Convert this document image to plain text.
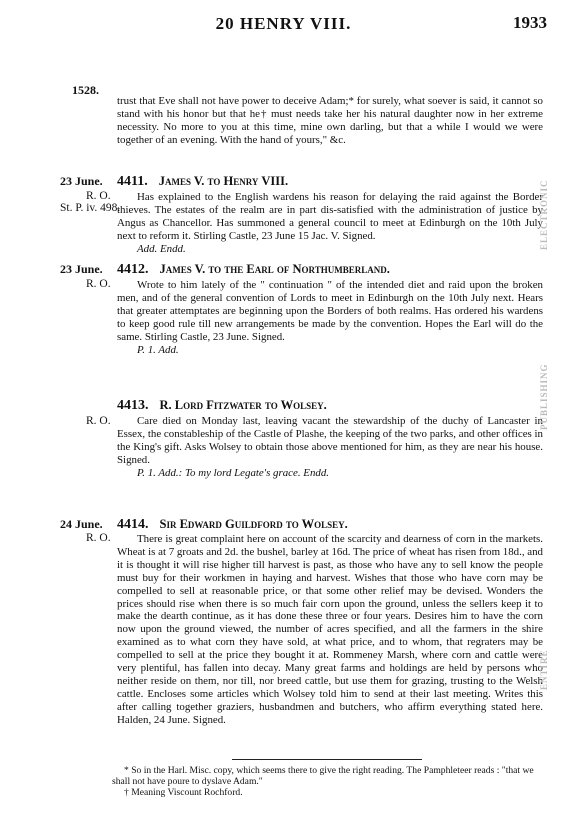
20 HENRY VIII.	1933
1528.

trust that Eve shall not have power to deceive Adam;* for surely, what soever is said, it cannot so stand with his honor but that he† must needs take her his natural daughter now in her extreme necessity. No more to you at this time, mine own darling, but that a while I would we were together of an evening. With the hand of yours," &c.

23 June.
R. O.
St. P. iv. 498.
4411. James V. to Henry VIII.

Has explained to the English wardens his reason for delaying the raid against the Border thieves. The estates of the realm are in part dis-satisfied with the administration of justice by Angus as Chancellor. Has summoned a general council to meet at Edinburgh on the 10th July next to reform it. Stirling Castle, 23 June 15 Jac. V. Signed.

Add. Endd.

23 June.
R. O.
4412. James V. to the Earl of Northumberland.

Wrote to him lately of the " continuation " of the intended diet and raid upon the broken men, and of the general convention of Lords to meet in Edinburgh on the 10th July next. Hears that greater attemptates are beginning upon the Borders of both realms. Has ordered his wardens to keep good rule till new arrangements be made by the convention. Hopes the Earl will do the same. Stirling Castle, 23 June. Signed.

P. 1. Add.

R. O.
4413. R. Lord Fitzwater to Wolsey.

Care died on Monday last, leaving vacant the stewardship of the duchy of Lancaster in Essex, the constableship of the Castle of Plashe, the keeping of the two parks, and other offices in the King's gift. Asks Wolsey to obtain those above mentioned for him, as they are near his house. Signed.

P. 1. Add.: To my lord Legate's grace. Endd.

24 June.
R. O.
4414. Sir Edward Guildford to Wolsey.

There is great complaint here on account of the scarcity and dearness of corn in the markets. Wheat is at 7 groats and 2d. the bushel, barley at 16d. The price of wheat has risen from 18d., and it is thought it will rise higher till harvest is past, as those who have any to sell know the people must buy for their workmen in haying and harvest. Wishes that those who have corn may be compelled to sell at reasonable price, or that some other relief may be devised. Wonders the prices should rise when there is so much fair corn upon the ground, unless the sellers keep it to make the dearth continue, as it has done these three or four years. Desires him to have the corn now upon the ground viewed, the number of acres specified, and all the farmers in the shire examined as to what corn they have sold, at what price, and to whom, that regraters may be compelled to sell at the price they bought it at. Rommeney Marsh, where corn and cattle were very plentiful, has fallen into decay. Many great farms and holdings are held by persons who neither reside on them, nor till, nor breed cattle, but use them for grazing, trusting to the Welsh cattle. Encloses some articles which Wolsey told him to send at their last meeting. Writes this after calling together graziers, husbandmen and butchers, who affirm everything stated here. Halden, 24 June. Signed.

* So in the Harl. Misc. copy, which seems there to give the right reading. The Pamphleteer reads : "that we shall not have poure to dyslave Adam."

† Meaning Viscount Rochford.

ELECTRONIC
PUBLISHING
ENTIRE
